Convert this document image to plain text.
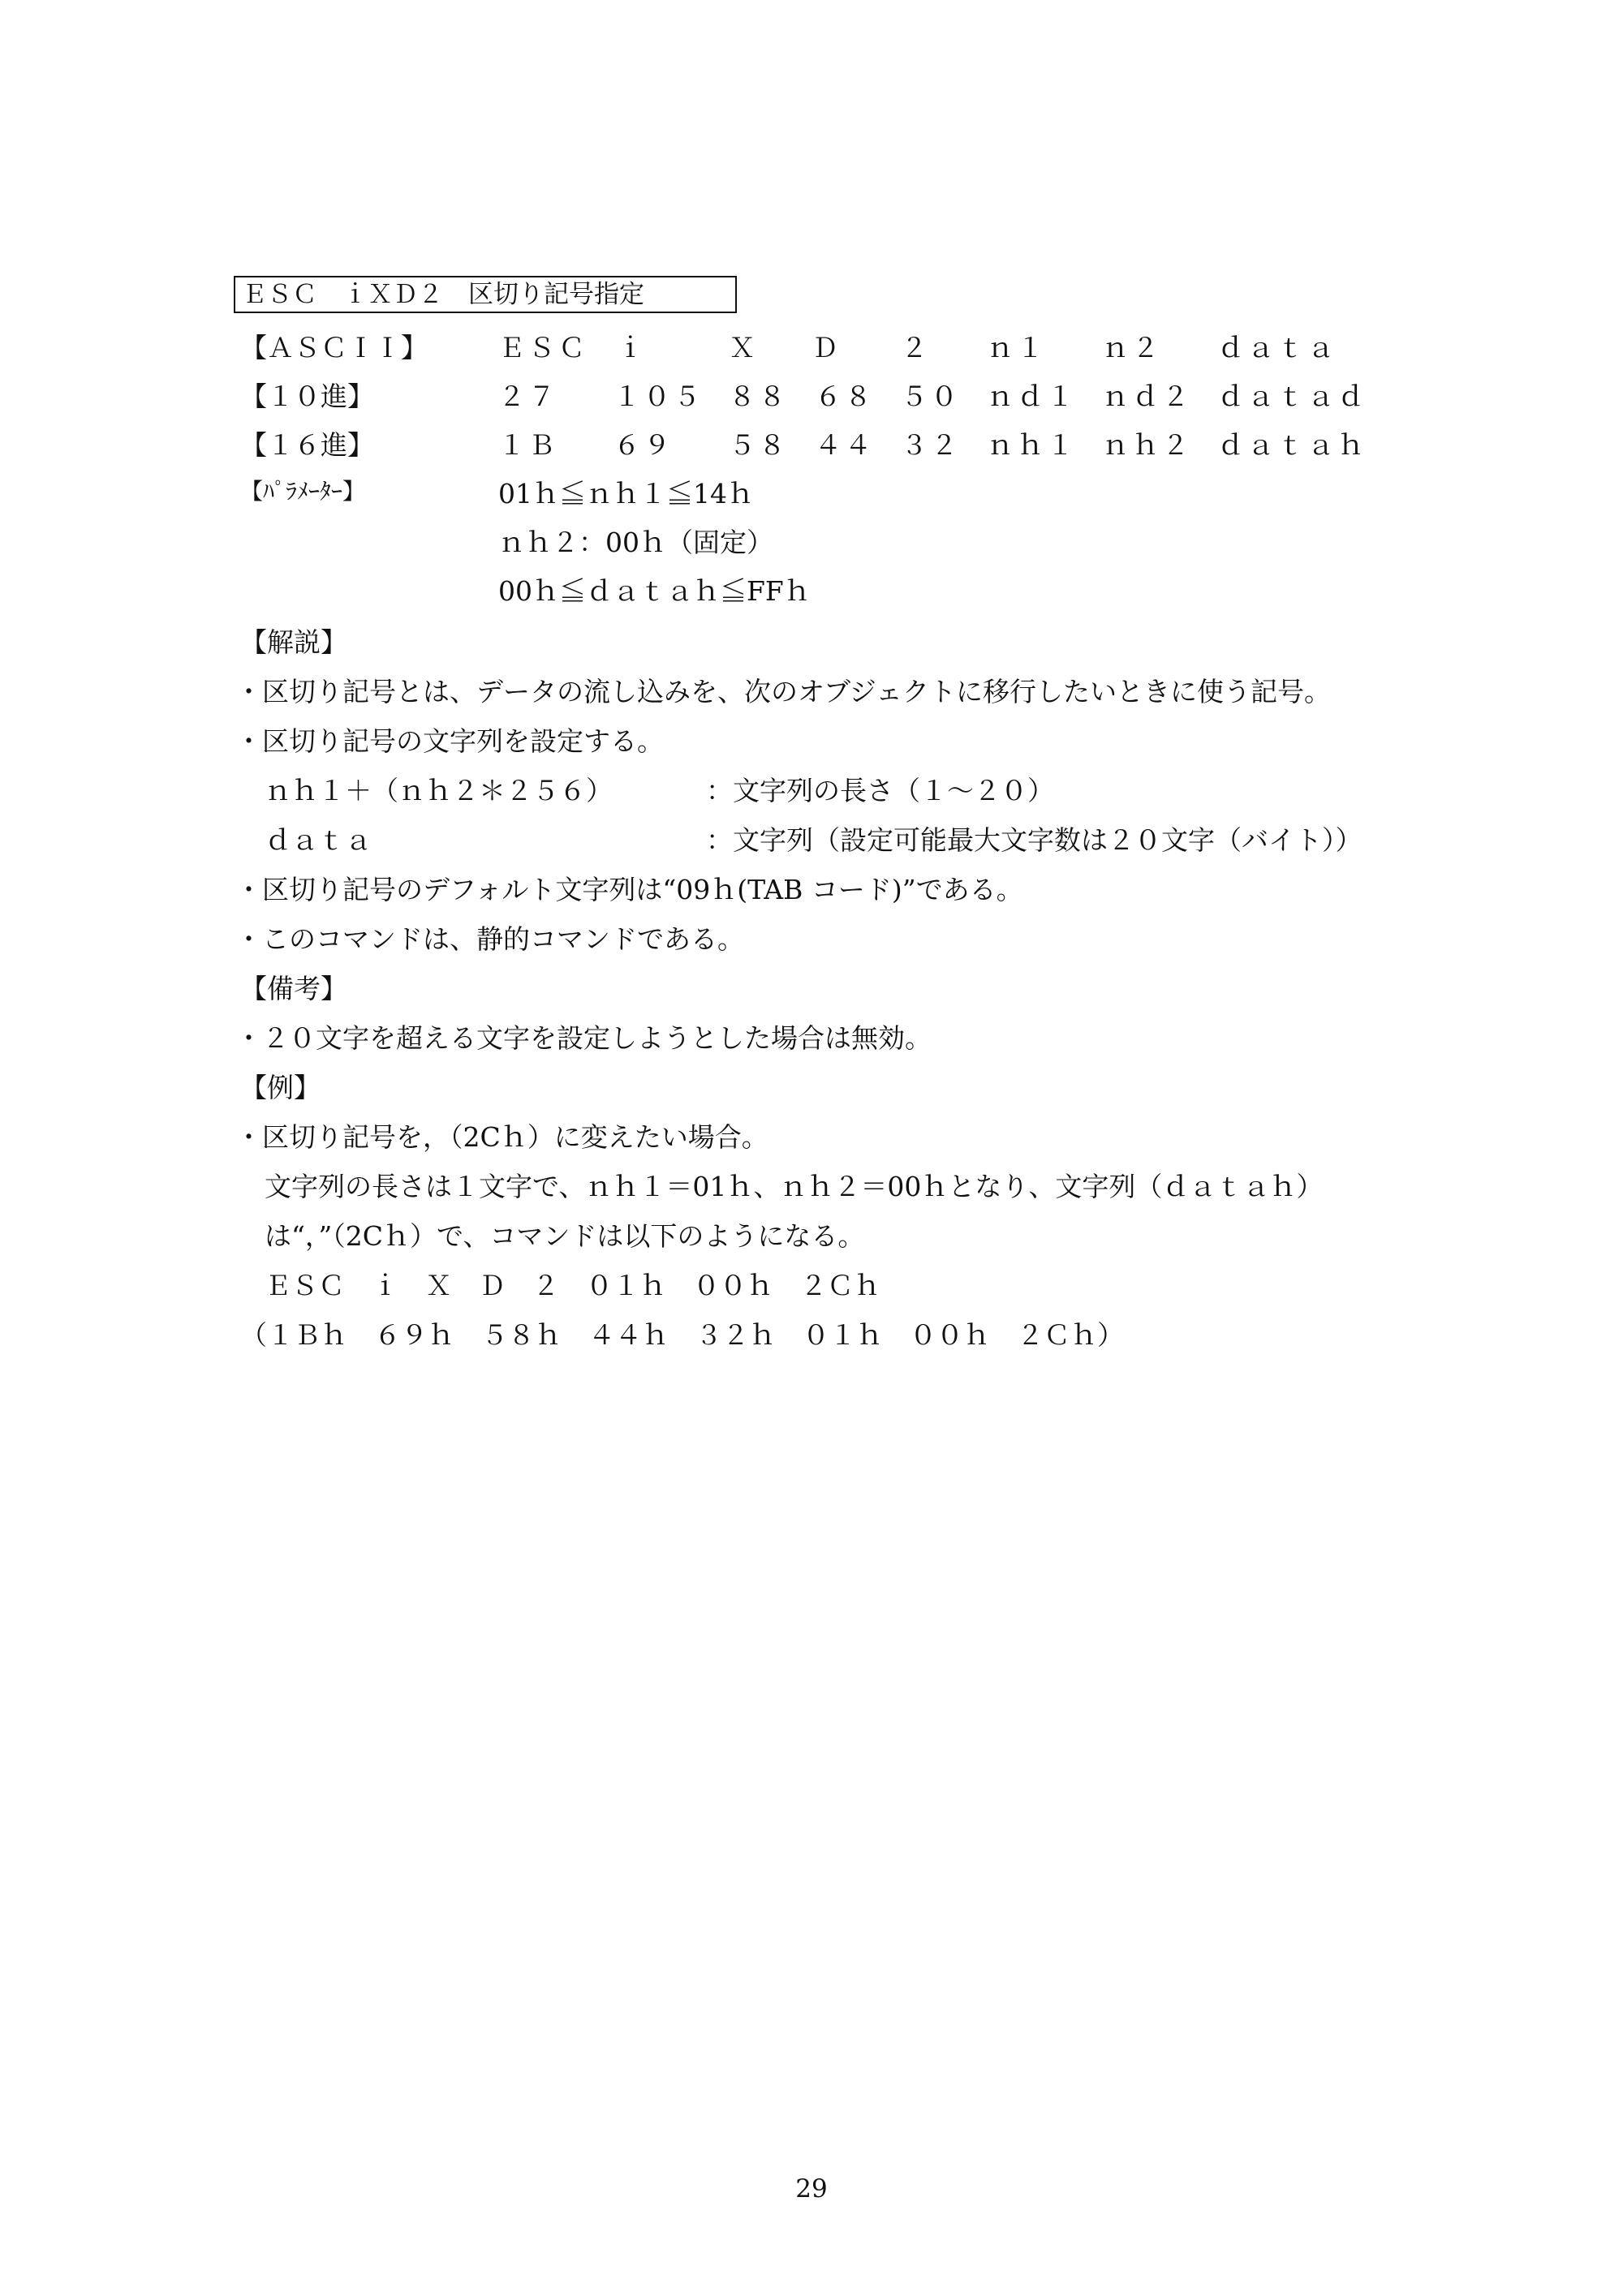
ＥＳＣ　ｉＸＤ２　区切り記号指定
【ＡＳＣＩＩ】	ＥＳＣ ｉ	Ｘ Ｄ ２ ｎ１ ｎ２ ｄａｔａ
【１０進】	２７ １０５ ８８ ６８ ５０ ｎｄ１ ｎｄ２ ｄａｔａｄ
【１６進】	１Ｂ ６９ ５８ ４４ ３２ ｎｈ１ ｎｈ２ ｄａｔａｈ
【ﾊﾟﾗﾒｰﾀｰ】	01ｈ≦ｎｈ１≦14ｈ
ｎｈ２：00ｈ（固定）
00ｈ≦ｄａｔａｈ≦FFｈ
【解説】
・区切り記号とは、データの流し込みを、次のオブジェクトに移行したいときに使う記号。
・区切り記号の文字列を設定する。
ｎｈ１＋（ｎｈ２＊２５６）	：文字列の長さ（１～２０）
ｄａｔａ	：文字列（設定可能最大文字数は２０文字（バイト））
・区切り記号のデフォルト文字列は“09ｈ(TAB コード)”である。
・このコマンドは、静的コマンドである。
【備考】
・２０文字を超える文字を設定しようとした場合は無効。
【例】
・区切り記号を，（2Cｈ）に変えたい場合。
文字列の長さは１文字で、ｎｈ１＝01ｈ、ｎｈ２＝00ｈとなり、文字列（ｄａｔａｈ）
は“，”（2Cｈ）で、コマンドは以下のようになる。
ＥＳＣ　ｉ　Ｘ　Ｄ　２　０１ｈ　００ｈ　２Ｃｈ
（１Ｂｈ　６９ｈ　５８ｈ　４４ｈ　３２ｈ　０１ｈ　００ｈ　２Ｃｈ）
29
